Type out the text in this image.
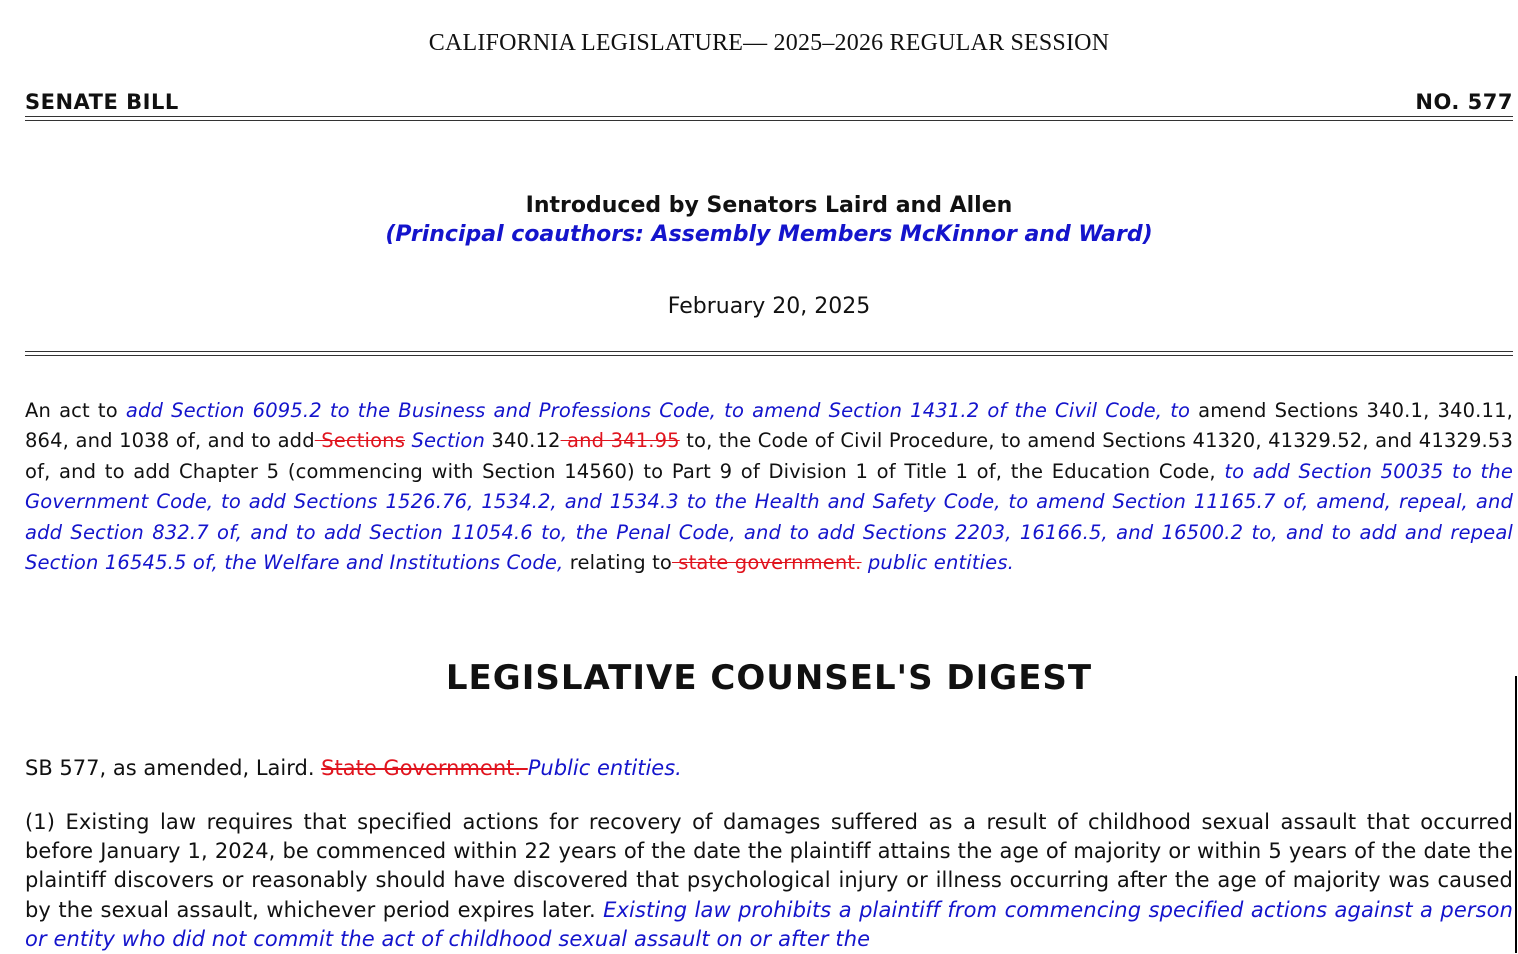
CALIFORNIA LEGISLATURE— 2025–2026 REGULAR SESSION
SENATE BILL	NO. 577
Introduced by Senators Laird and Allen
(Principal coauthors: Assembly Members McKinnor and Ward)
February 20, 2025
An act to add Section 6095.2 to the Business and Professions Code, to amend Section 1431.2 of the Civil Code, to amend Sections 340.1, 340.11, 864, and 1038 of, and to add Sections Section 340.12 and 341.95 to, the Code of Civil Procedure, to amend Sections 41320, 41329.52, and 41329.53 of, and to add Chapter 5 (commencing with Section 14560) to Part 9 of Division 1 of Title 1 of, the Education Code, to add Section 50035 to the Government Code, to add Sections 1526.76, 1534.2, and 1534.3 to the Health and Safety Code, to amend Section 11165.7 of, amend, repeal, and add Section 832.7 of, and to add Section 11054.6 to, the Penal Code, and to add Sections 2203, 16166.5, and 16500.2 to, and to add and repeal Section 16545.5 of, the Welfare and Institutions Code, relating to state government. public entities.
LEGISLATIVE COUNSEL'S DIGEST
SB 577, as amended, Laird. State Government. Public entities.
(1) Existing law requires that specified actions for recovery of damages suffered as a result of childhood sexual assault that occurred before January 1, 2024, be commenced within 22 years of the date the plaintiff attains the age of majority or within 5 years of the date the plaintiff discovers or reasonably should have discovered that psychological injury or illness occurring after the age of majority was caused by the sexual assault, whichever period expires later. Existing law prohibits a plaintiff from commencing specified actions against a person or entity who did not commit the act of childhood sexual assault on or after the
